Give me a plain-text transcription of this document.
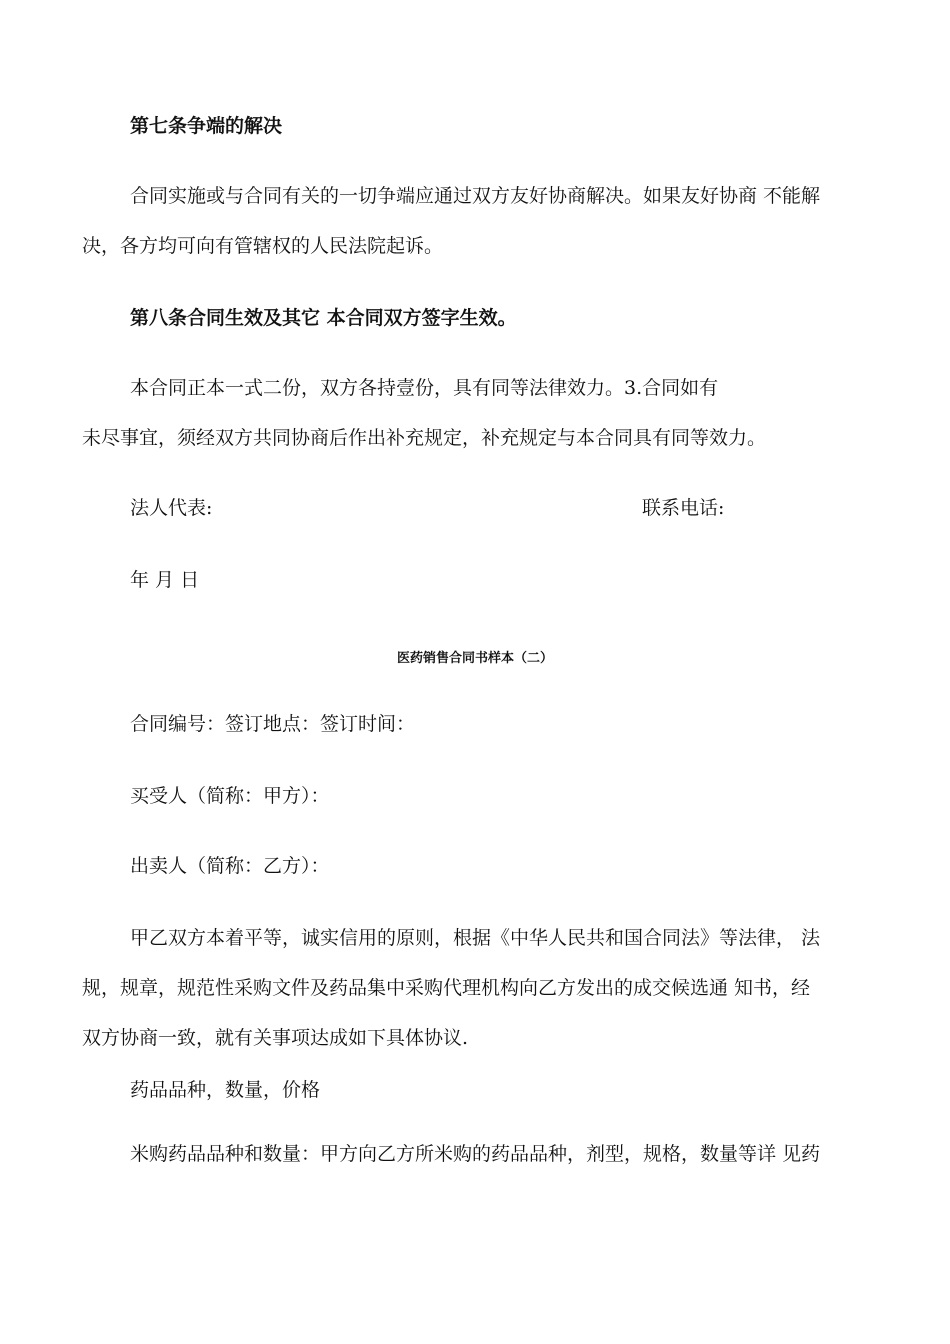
第七条争端的解决
合同实施或与合同有关的一切争端应通过双方友好协商解决。如果友好协商 不能解
决，各方均可向有管辖权的人民法院起诉。
第八条合同生效及其它 本合同双方签字生效。
本合同正本一式二份，双方各持壹份，具有同等法律效力。3.合同如有
未尽事宜，须经双方共同协商后作出补充规定，补充规定与本合同具有同等效力。
法人代表:	联系电话:
年 月 日
医药销售合同书样本（二）
合同编号：签订地点：签订时间：
买受人（简称：甲方）：
出卖人（简称：乙方）：
甲乙双方本着平等，诚实信用的原则，根据《中华人民共和国合同法》等法律， 法
规，规章，规范性采购文件及药品集中采购代理机构向乙方发出的成交候选通 知书，经
双方协商一致，就有关事项达成如下具体协议.
药品品种，数量，价格
米购药品品种和数量：甲方向乙方所米购的药品品种，剂型，规格，数量等详 见药
